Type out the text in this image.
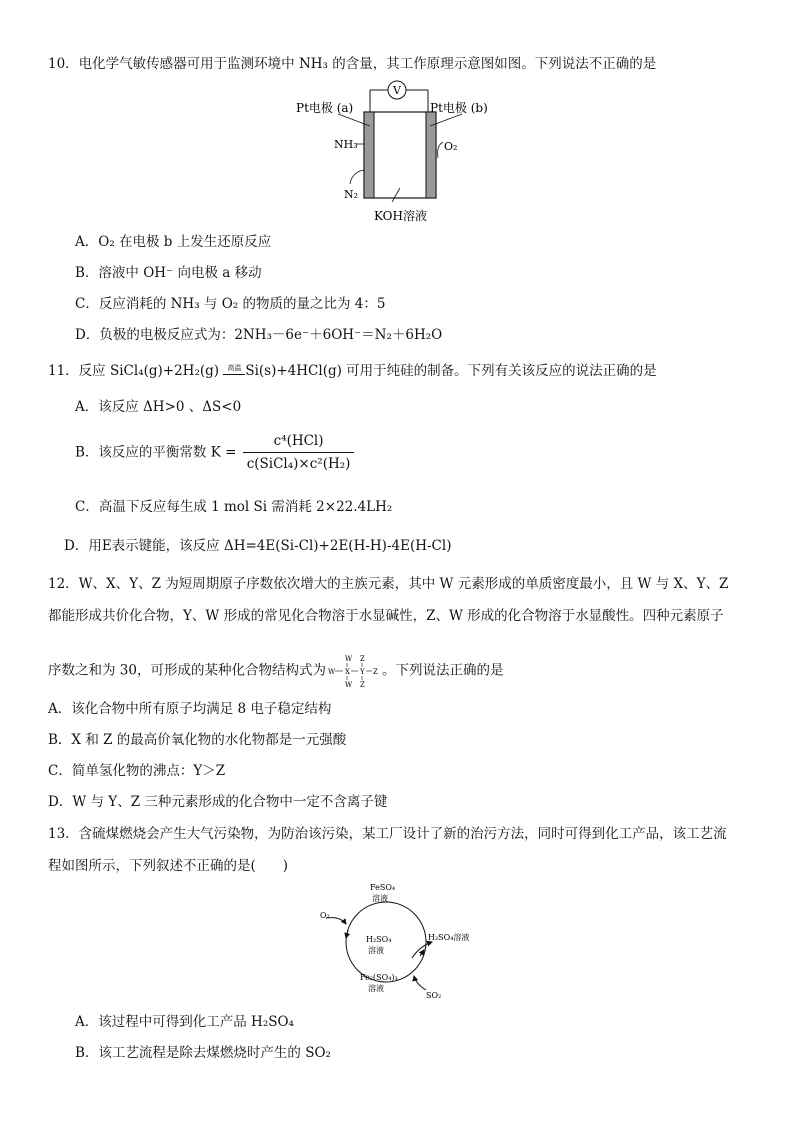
10．电化学气敏传感器可用于监测环境中 NH₃ 的含量，其工作原理示意图如图。下列说法不正确的是
V
Pt电极 (a)	Pt电极 (b)
NH₃	O₂
N₂
KOH溶液
A．O₂ 在电极 b 上发生还原反应
B．溶液中 OH⁻ 向电极 a 移动
C．反应消耗的 NH₃ 与 O₂ 的物质的量之比为 4：5
D．负极的电极反应式为：2NH₃－6e⁻＋6OH⁻＝N₂＋6H₂O
11．反应 SiCl₄(g)+2H₂(g) 高温 Si(s)+4HCl(g) 可用于纯硅的制备。下列有关该反应的说法正确的是
A．该反应 ΔH>0 、ΔS<0
B．该反应的平衡常数 $K = \frac{\text{c⁴(HCl)}}{\text{c(SiCl₄)×c²(H₂)}}$
C．高温下反应每生成 1 mol Si 需消耗 2×22.4LH₂
D．用E表示键能，该反应 ΔH=4E(Si-Cl)+2E(H-H)-4E(H-Cl)
12．W、X、Y、Z 为短周期原子序数依次增大的主族元素，其中 W 元素形成的单质密度最小，且 W 与 X、Y、Z
都能形成共价化合物，Y、W 形成的常见化合物溶于水显碱性，Z、W 形成的化合物溶于水显酸性。四种元素原子
序数之和为 30，可形成的某种化合物结构式为
W Z
W X Y Z
W Z
。下列说法正确的是
A．该化合物中所有原子均满足 8 电子稳定结构
B．X 和 Z 的最高价氧化物的水化物都是一元强酸
C．简单氢化物的沸点：Y＞Z
D．W 与 Y、Z 三种元素形成的化合物中一定不含离子键
13．含硫煤燃烧会产生大气污染物，为防治该污染，某工厂设计了新的治污方法，同时可得到化工产品，该工艺流
程如图所示，下列叙述不正确的是(　　)
O₂
FeSO₄
溶液
H₂SO₄
溶液
H₂SO₄溶液
Fe₂(SO₄)₃
溶液
SO₂
A．该过程中可得到化工产品 H₂SO₄
B．该工艺流程是除去煤燃烧时产生的 SO₂
